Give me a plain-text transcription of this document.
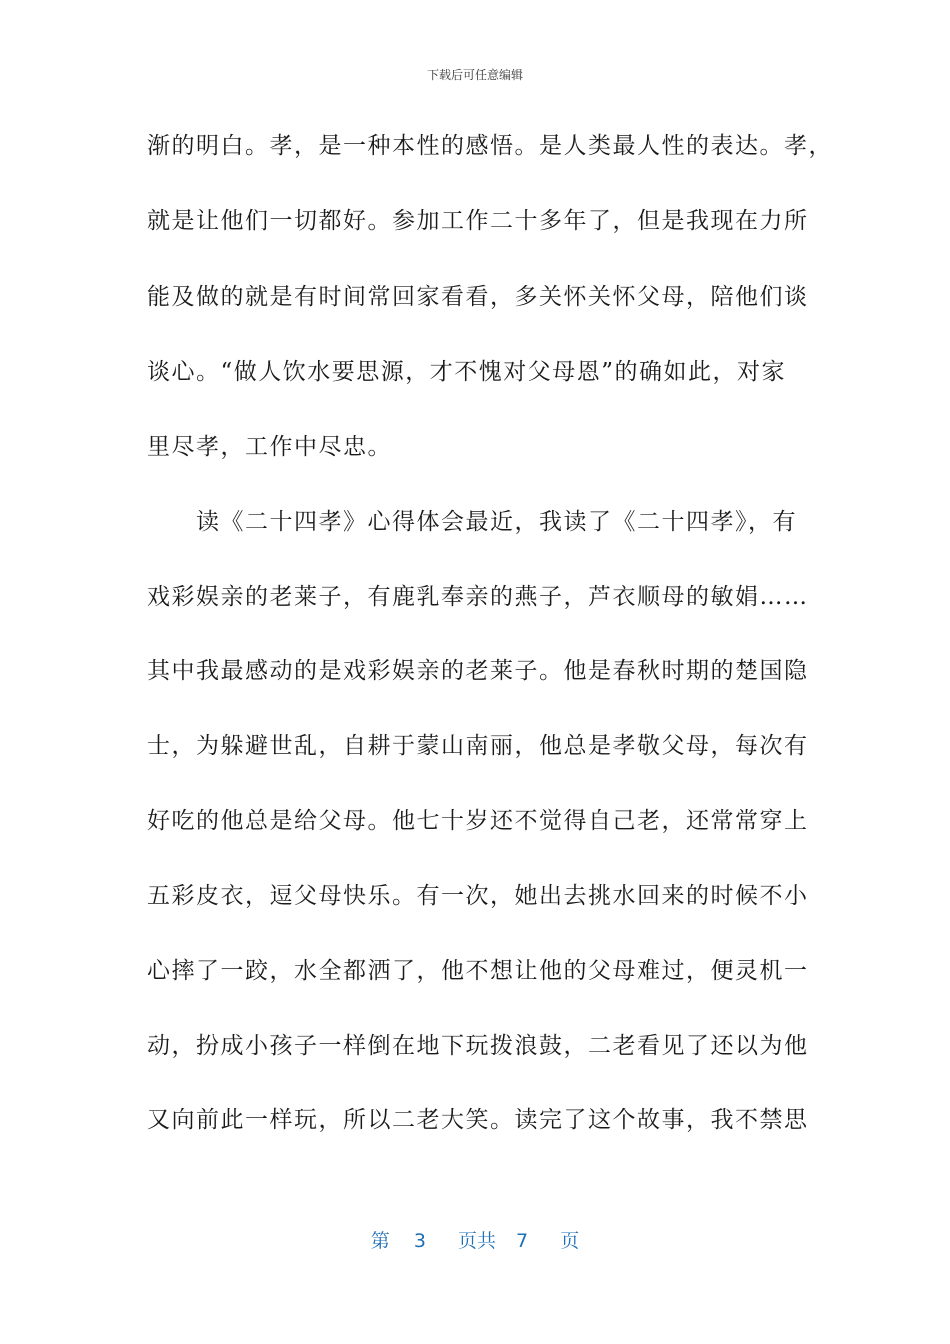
下载后可任意编辑
渐的明白。孝，是一种本性的感悟。是人类最人性的表达。孝，
就是让他们一切都好。参加工作二十多年了，但是我现在力所
能及做的就是有时间常回家看看，多关怀关怀父母，陪他们谈
谈心。“做人饮水要思源，才不愧对父母恩”的确如此，对家
里尽孝，工作中尽忠。
　　读《二十四孝》心得体会最近，我读了《二十四孝》，有
戏彩娱亲的老莱子，有鹿乳奉亲的燕子，芦衣顺母的敏娟……
其中我最感动的是戏彩娱亲的老莱子。他是春秋时期的楚国隐
士，为躲避世乱，自耕于蒙山南丽，他总是孝敬父母，每次有
好吃的他总是给父母。他七十岁还不觉得自己老，还常常穿上
五彩皮衣，逗父母快乐。有一次，她出去挑水回来的时候不小
心摔了一跤，水全都洒了，他不想让他的父母难过，便灵机一
动，扮成小孩子一样倒在地下玩拨浪鼓，二老看见了还以为他
又向前此一样玩，所以二老大笑。读完了这个故事，我不禁思
第 3 页共 7 页
